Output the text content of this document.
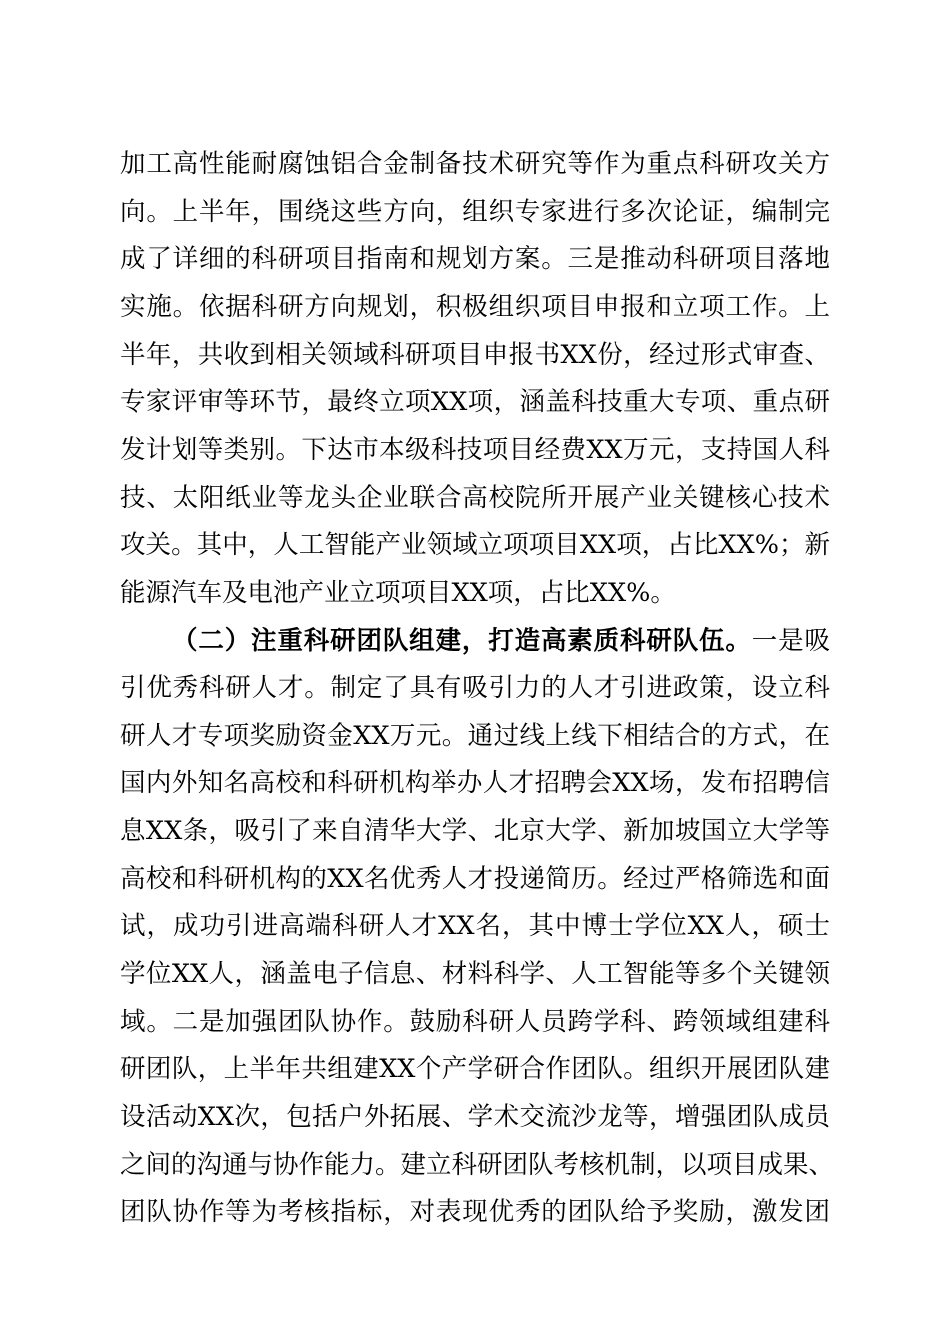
加工高性能耐腐蚀铝合金制备技术研究等作为重点科研攻关方
向。上半年，围绕这些方向，组织专家进行多次论证，编制完
成了详细的科研项目指南和规划方案。三是推动科研项目落地
实施。依据科研方向规划，积极组织项目申报和立项工作。上
半年，共收到相关领域科研项目申报书XX份，经过形式审查、
专家评审等环节，最终立项XX项，涵盖科技重大专项、重点研
发计划等类别。下达市本级科技项目经费XX万元，支持国人科
技、太阳纸业等龙头企业联合高校院所开展产业关键核心技术
攻关。其中，人工智能产业领域立项项目XX项，占比XX%；新
能源汽车及电池产业立项项目XX项，占比XX%。
（二）注重科研团队组建，打造高素质科研队伍。一是吸
引优秀科研人才。制定了具有吸引力的人才引进政策，设立科
研人才专项奖励资金XX万元。通过线上线下相结合的方式，在
国内外知名高校和科研机构举办人才招聘会XX场，发布招聘信
息XX条，吸引了来自清华大学、北京大学、新加坡国立大学等
高校和科研机构的XX名优秀人才投递简历。经过严格筛选和面
试，成功引进高端科研人才XX名，其中博士学位XX人，硕士
学位XX人，涵盖电子信息、材料科学、人工智能等多个关键领
域。二是加强团队协作。鼓励科研人员跨学科、跨领域组建科
研团队，上半年共组建XX个产学研合作团队。组织开展团队建
设活动XX次，包括户外拓展、学术交流沙龙等，增强团队成员
之间的沟通与协作能力。建立科研团队考核机制，以项目成果、
团队协作等为考核指标，对表现优秀的团队给予奖励，激发团
